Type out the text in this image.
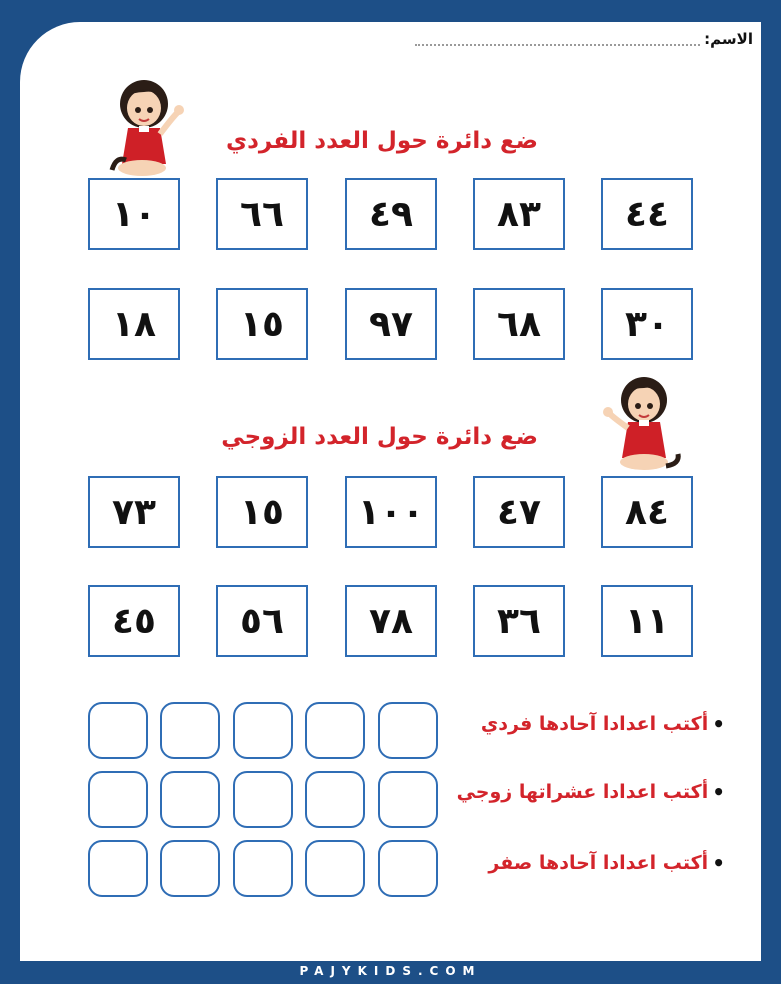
الاسم:
ضع دائرة حول العدد الفردي
١٠	٦٦	٤٩	٨٣	٤٤
١٨	١٥	٩٧	٦٨	٣٠
ضع دائرة حول العدد الزوجي
٧٣	١٥	١٠٠	٤٧	٨٤
٤٥	٥٦	٧٨	٣٦	١١
•
أكتب اعدادا آحادها فردي
•
أكتب اعدادا عشراتها زوجي
•
أكتب اعدادا آحادها صفر
PAJYKIDS.COM
